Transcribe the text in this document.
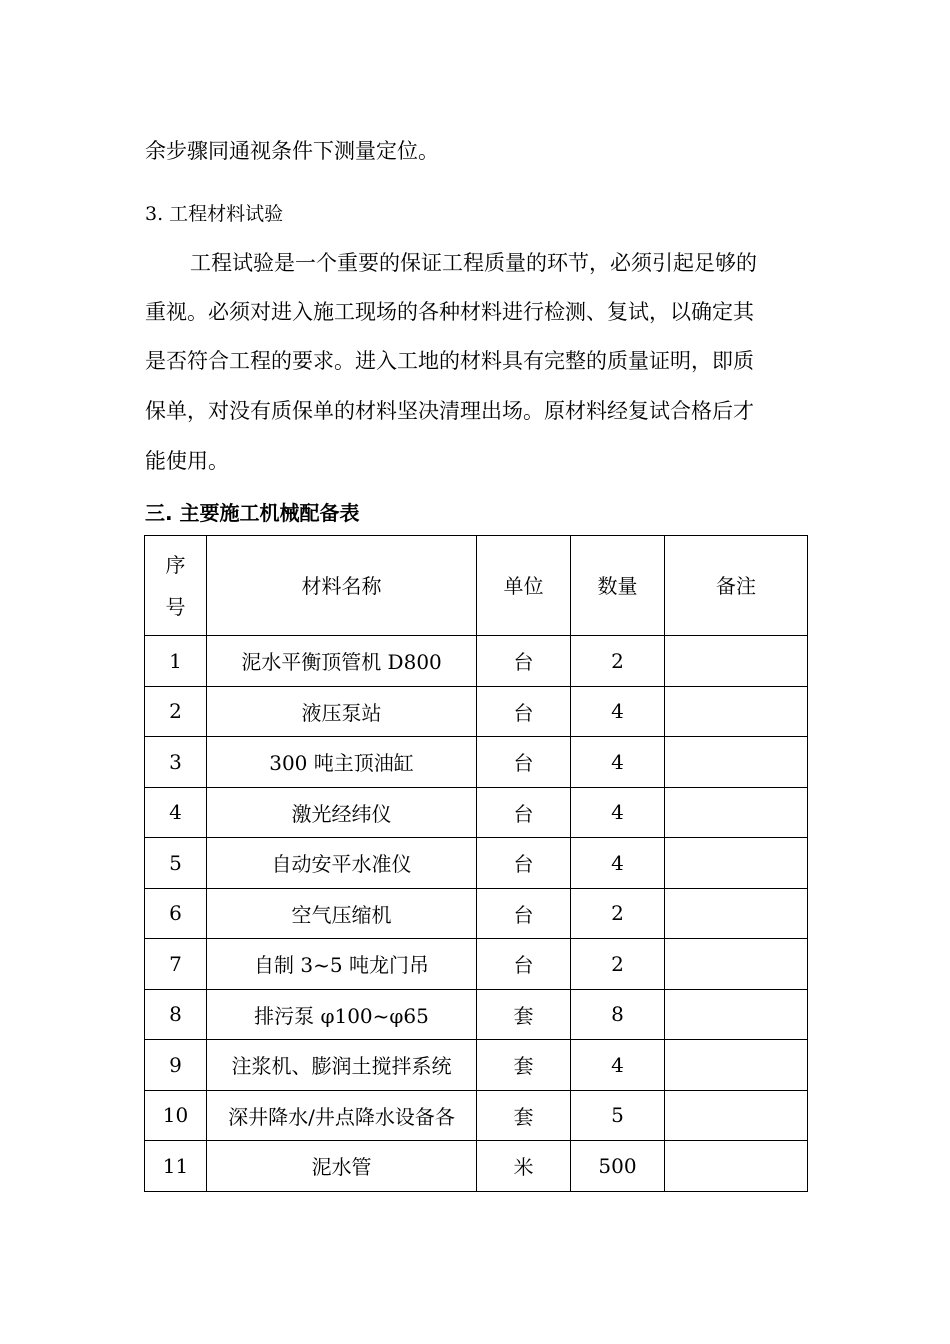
余步骤同通视条件下测量定位。
3. 工程材料试验
工程试验是一个重要的保证工程质量的环节，必须引起足够的
重视。必须对进入施工现场的各种材料进行检测、复试，以确定其
是否符合工程的要求。进入工地的材料具有完整的质量证明，即质
保单，对没有质保单的材料坚决清理出场。原材料经复试合格后才
能使用。
三. 主要施工机械配备表
序
号	材料名称	单位	数量	备注
1	泥水平衡顶管机 D800	台	2	
2	液压泵站	台	4	
3	300 吨主顶油缸	台	4	
4	激光经纬仪	台	4	
5	自动安平水准仪	台	4	
6	空气压缩机	台	2	
7	自制 3~5 吨龙门吊	台	2	
8	排污泵 φ100~φ65	套	8	
9	注浆机、膨润土搅拌系统	套	4	
10	深井降水/井点降水设备各	套	5	
11	泥水管	米	500	
